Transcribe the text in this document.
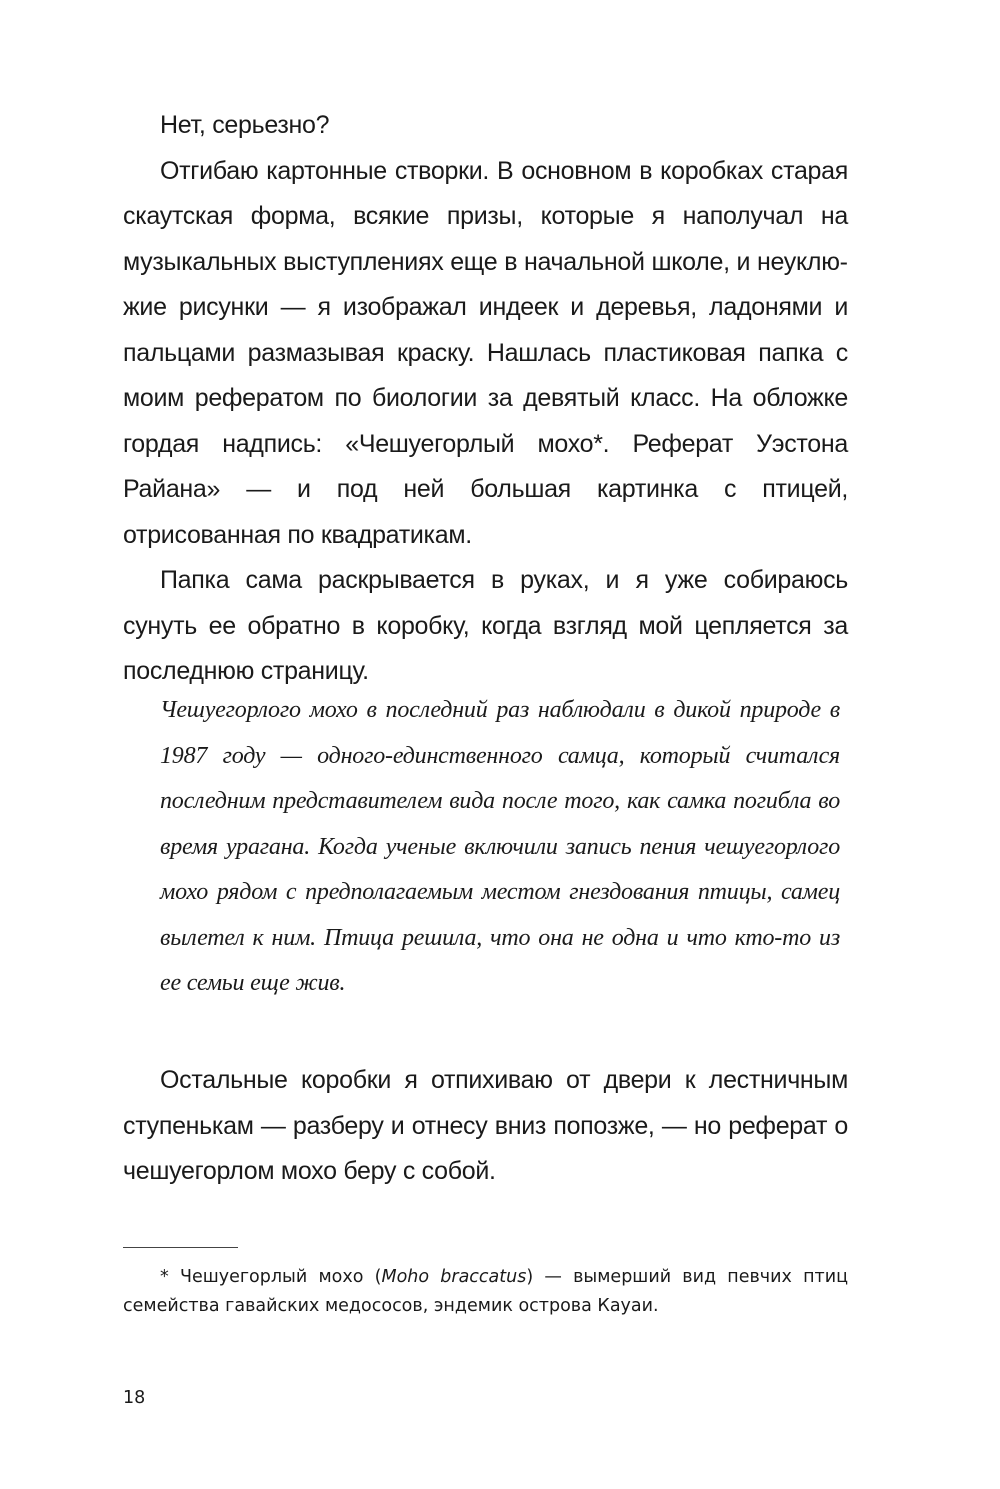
Нет, серьезно?

Отгибаю картонные створки. В основном в коробках старая скаутская форма, всякие призы, которые я наполучал на музыкальных выступлениях еще в начальной школе, и неуклюжие рисунки — я изображал индеек и деревья, ладонями и пальцами размазывая краску. Нашлась пластиковая папка с моим рефератом по биологии за девятый класс. На обложке гордая надпись: «Чешуегорлый мохо*. Реферат Уэстона Райана» — и под ней большая картинка с птицей, отрисованная по квадратикам.

Папка сама раскрывается в руках, и я уже собираюсь сунуть ее обратно в коробку, когда взгляд мой цепляется за последнюю страницу.

Чешуегорлого мохо в последний раз наблюдали в дикой природе в 1987 году — одного-единственного самца, который считался последним представителем вида после того, как самка погибла во время урагана. Когда ученые включили запись пения чешуегорлого мохо рядом с предполагаемым местом гнездования птицы, самец вылетел к ним. Птица решила, что она не одна и что кто-то из ее семьи еще жив.

Остальные коробки я отпихиваю от двери к лестничным ступенькам — разберу и отнесу вниз попозже, — но реферат о чешуегорлом мохо беру с собой.

* Чешуегорлый мохо (Moho braccatus) — вымерший вид певчих птиц семейства гавайских медососов, эндемик острова Кауаи.
18
